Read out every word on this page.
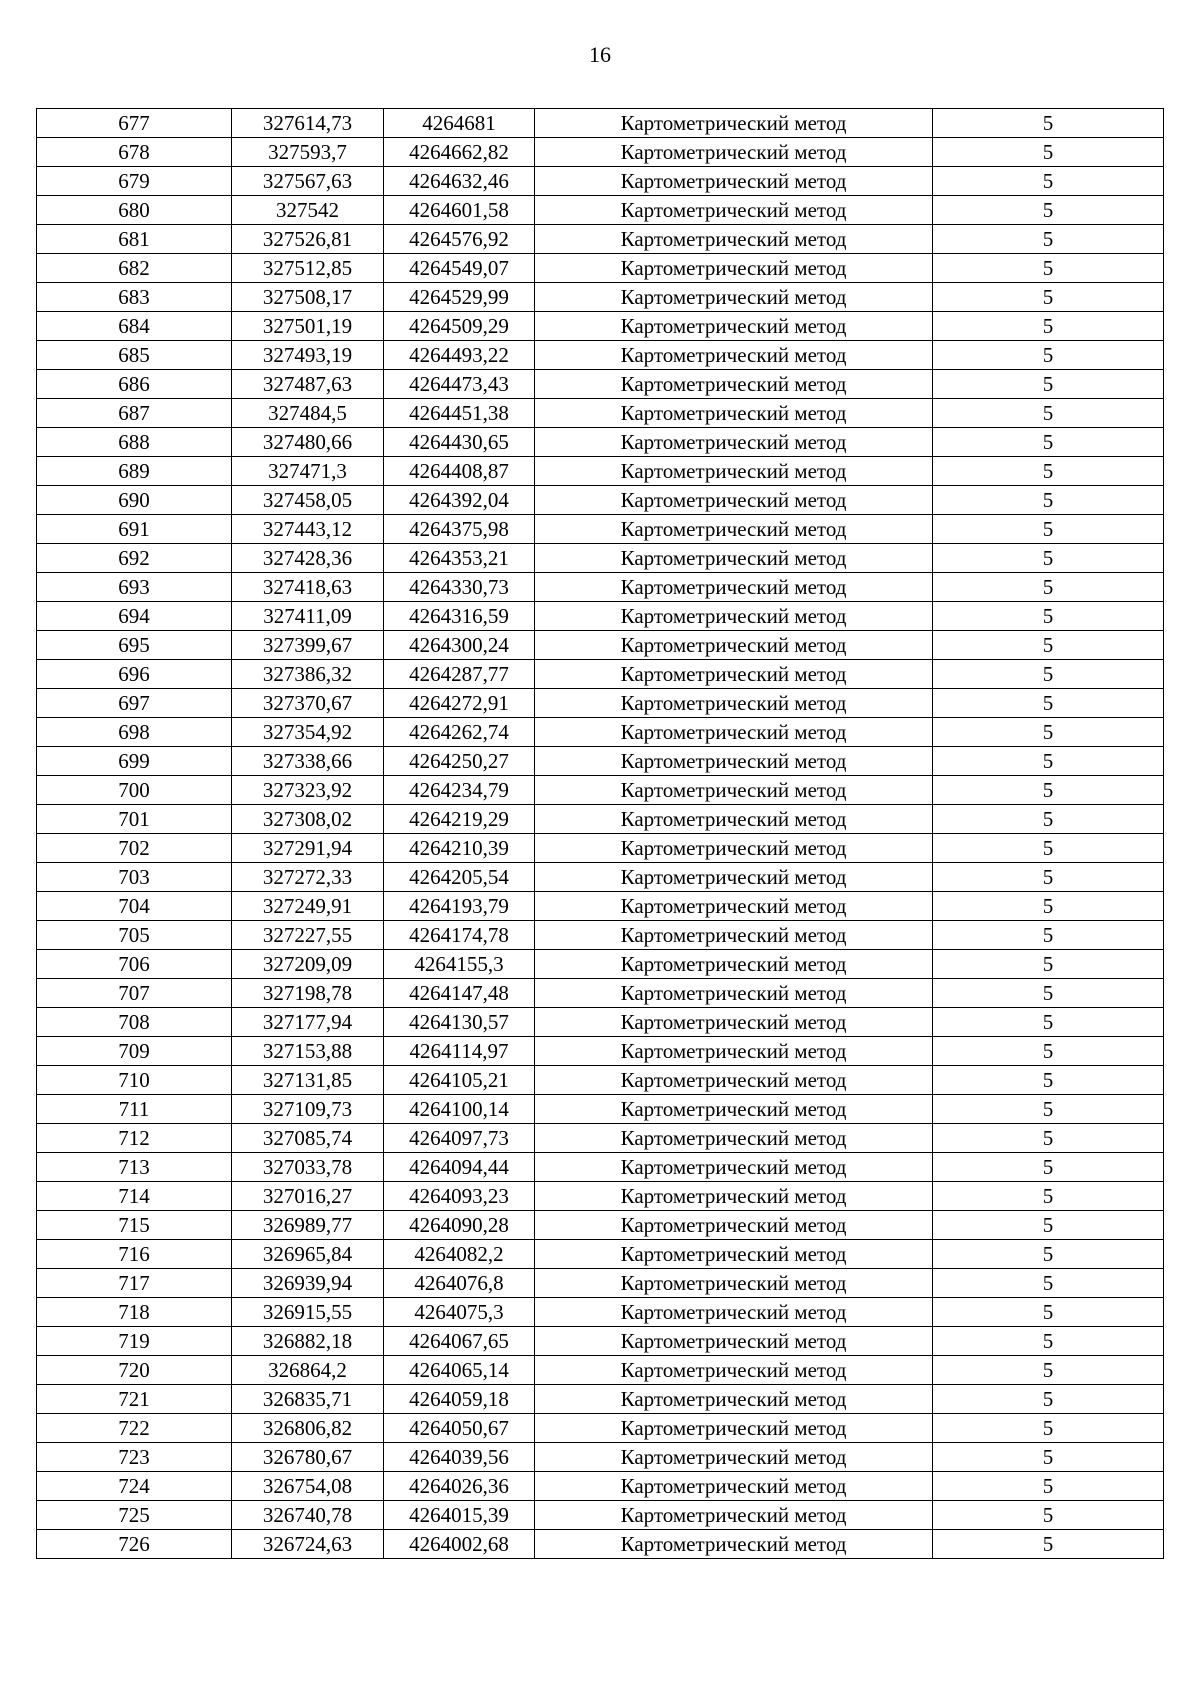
16
677	327614,73	4264681	Картометрический метод	5
678	327593,7	4264662,82	Картометрический метод	5
679	327567,63	4264632,46	Картометрический метод	5
680	327542	4264601,58	Картометрический метод	5
681	327526,81	4264576,92	Картометрический метод	5
682	327512,85	4264549,07	Картометрический метод	5
683	327508,17	4264529,99	Картометрический метод	5
684	327501,19	4264509,29	Картометрический метод	5
685	327493,19	4264493,22	Картометрический метод	5
686	327487,63	4264473,43	Картометрический метод	5
687	327484,5	4264451,38	Картометрический метод	5
688	327480,66	4264430,65	Картометрический метод	5
689	327471,3	4264408,87	Картометрический метод	5
690	327458,05	4264392,04	Картометрический метод	5
691	327443,12	4264375,98	Картометрический метод	5
692	327428,36	4264353,21	Картометрический метод	5
693	327418,63	4264330,73	Картометрический метод	5
694	327411,09	4264316,59	Картометрический метод	5
695	327399,67	4264300,24	Картометрический метод	5
696	327386,32	4264287,77	Картометрический метод	5
697	327370,67	4264272,91	Картометрический метод	5
698	327354,92	4264262,74	Картометрический метод	5
699	327338,66	4264250,27	Картометрический метод	5
700	327323,92	4264234,79	Картометрический метод	5
701	327308,02	4264219,29	Картометрический метод	5
702	327291,94	4264210,39	Картометрический метод	5
703	327272,33	4264205,54	Картометрический метод	5
704	327249,91	4264193,79	Картометрический метод	5
705	327227,55	4264174,78	Картометрический метод	5
706	327209,09	4264155,3	Картометрический метод	5
707	327198,78	4264147,48	Картометрический метод	5
708	327177,94	4264130,57	Картометрический метод	5
709	327153,88	4264114,97	Картометрический метод	5
710	327131,85	4264105,21	Картометрический метод	5
711	327109,73	4264100,14	Картометрический метод	5
712	327085,74	4264097,73	Картометрический метод	5
713	327033,78	4264094,44	Картометрический метод	5
714	327016,27	4264093,23	Картометрический метод	5
715	326989,77	4264090,28	Картометрический метод	5
716	326965,84	4264082,2	Картометрический метод	5
717	326939,94	4264076,8	Картометрический метод	5
718	326915,55	4264075,3	Картометрический метод	5
719	326882,18	4264067,65	Картометрический метод	5
720	326864,2	4264065,14	Картометрический метод	5
721	326835,71	4264059,18	Картометрический метод	5
722	326806,82	4264050,67	Картометрический метод	5
723	326780,67	4264039,56	Картометрический метод	5
724	326754,08	4264026,36	Картометрический метод	5
725	326740,78	4264015,39	Картометрический метод	5
726	326724,63	4264002,68	Картометрический метод	5
